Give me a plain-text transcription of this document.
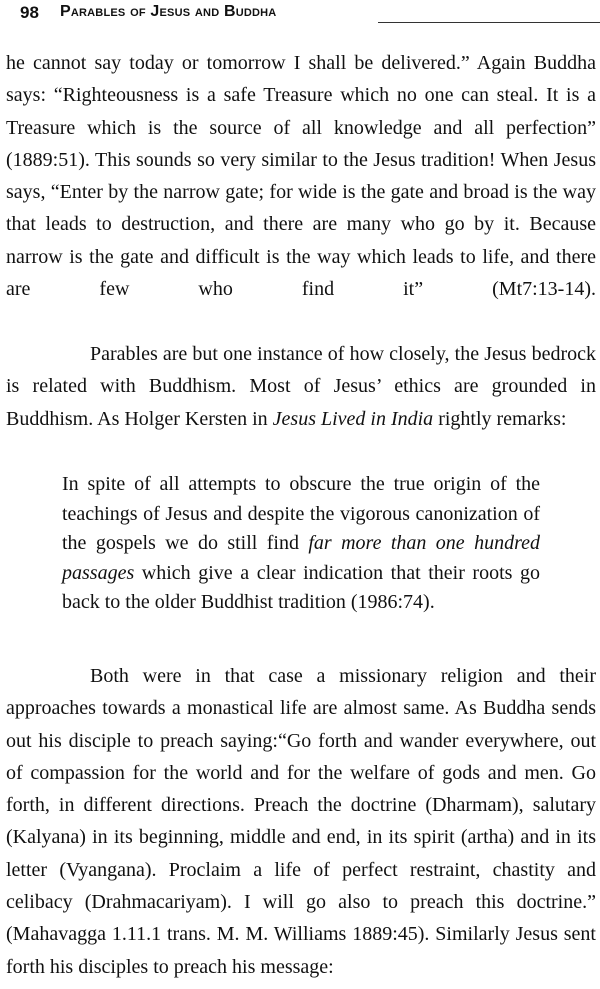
98 Parables of Jesus and Buddha

he cannot say today or tomorrow I shall be delivered.” Again Buddha says: “Righteousness is a safe Treasure which no one can steal. It is a Treasure which is the source of all knowledge and all perfection” (1889:51). This sounds so very similar to the Jesus tradition! When Jesus says, “Enter by the narrow gate; for wide is the gate and broad is the way that leads to destruction, and there are many who go by it. Because narrow is the gate and difficult is the way which leads to life, and there are few who find it” (Mt7:13-14).

Parables are but one instance of how closely, the Jesus bedrock is related with Buddhism. Most of Jesus’ ethics are grounded in Buddhism. As Holger Kersten in Jesus Lived in India rightly remarks:

In spite of all attempts to obscure the true origin of the teachings of Jesus and despite the vigorous canonization of the gospels we do still find far more than one hundred passages which give a clear indication that their roots go back to the older Buddhist tradition (1986:74).

Both were in that case a missionary religion and their approaches towards a monastical life are almost same. As Buddha sends out his disciple to preach saying:“Go forth and wander everywhere, out of compassion for the world and for the welfare of gods and men. Go forth, in different directions. Preach the doctrine (Dharmam), salutary (Kalyana) in its beginning, middle and end, in its spirit (artha) and in its letter (Vyangana). Proclaim a life of perfect restraint, chastity and celibacy (Drahmacariyam). I will go also to preach this doctrine.” (Mahavagga 1.11.1 trans. M. M. Williams 1889:45). Similarly Jesus sent forth his disciples to preach his message:
